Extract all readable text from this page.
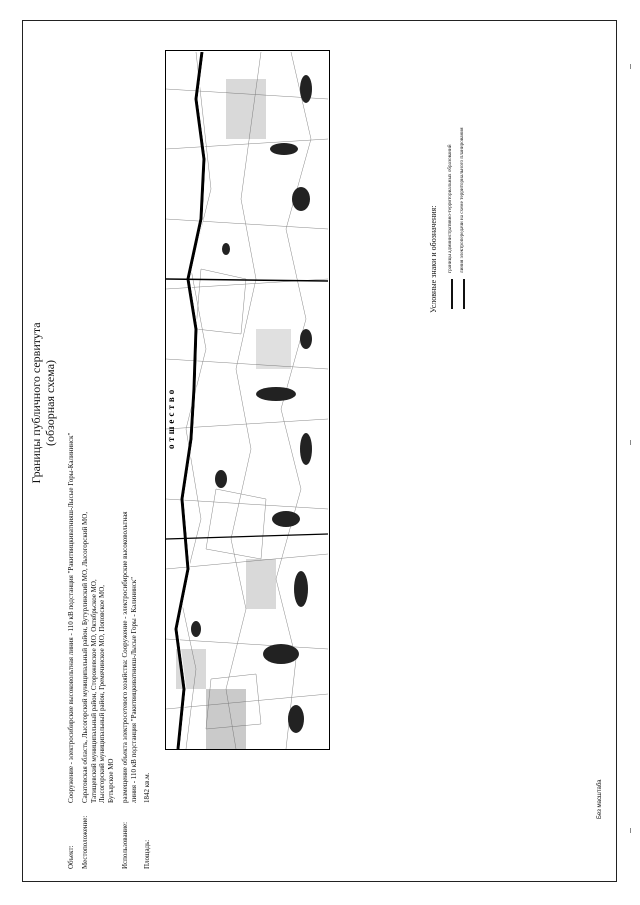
Границы публичного сервитута (обзорная схема)
Объект:
Сооружение - электросибирские высоковольтная линия - 110 кВ подстанция "Ракитвицкиватнияш-Лысые Горы-Калининск"
Местоположение:
Саратовская область, Лысогорский муниципальный район, Бутурлинский МО, Лысогорский МО,
Татищевский муниципальный район, Сторожевское МО, Октябрьское МО,
Лысогорский муниципальный район, Гремячинское МО, Поповское МО,
Бутырское МО
Использование:
размещение объекта электросетевого хозяйства: Сооружение - электросибирские высоковольтная
линия - 110 кВ подстанция "Ракитвицкиватнияш-Лысые Горы - Калининск"
Площадь:
1842 кв.м.
отшество
Условные знаки и обозначения: границы административно-территориальных образований линия электропередачи на схеме территориального планирования
Без масштаба
